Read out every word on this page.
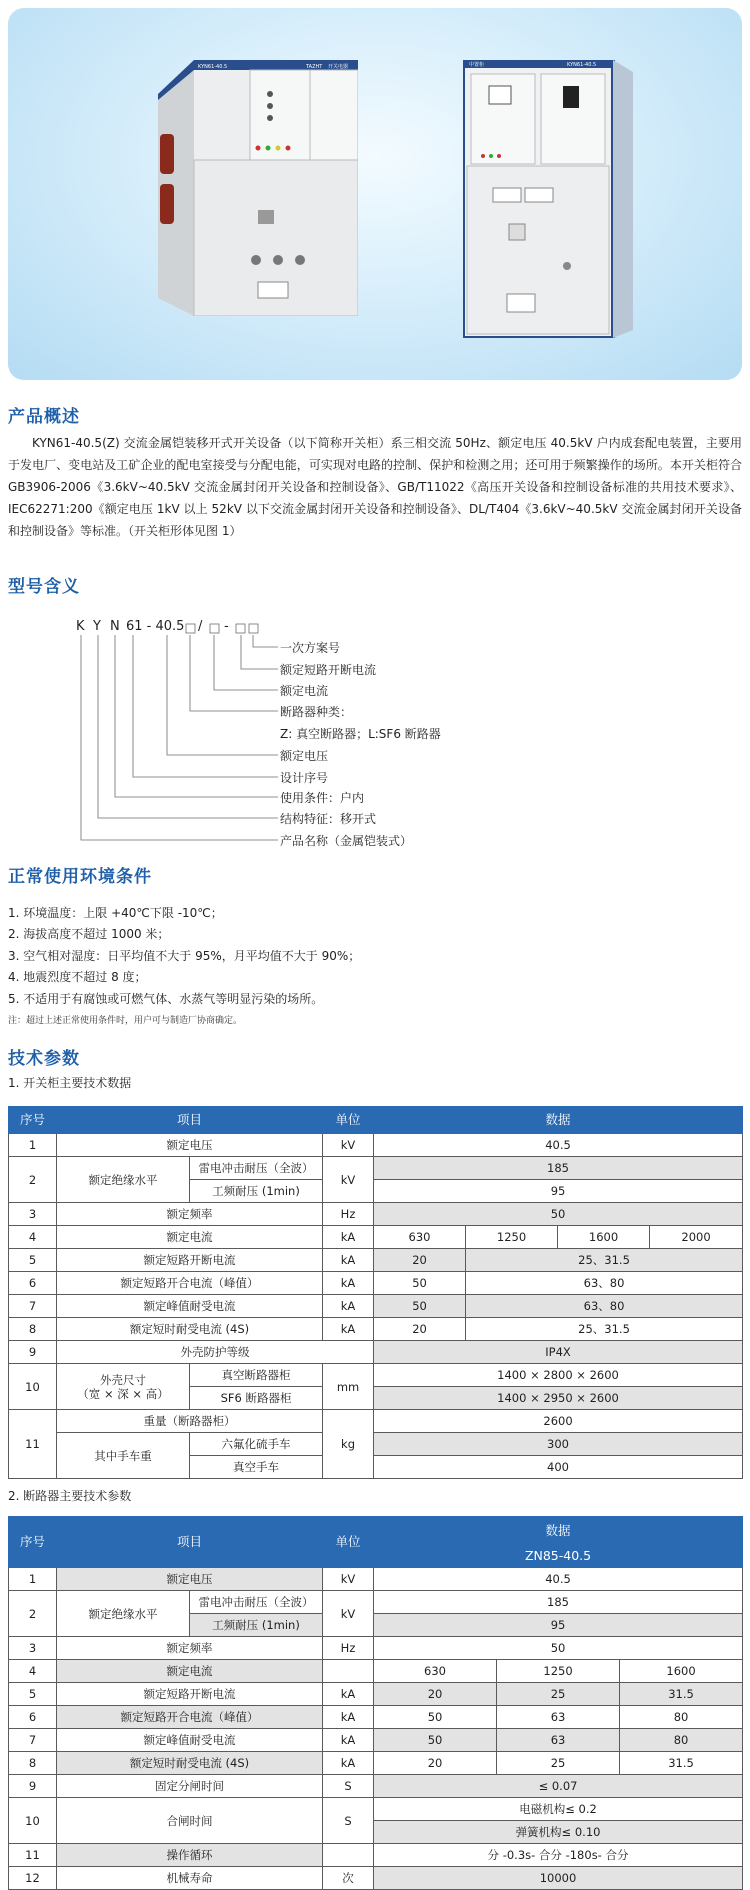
KYN61-40.5	TAZHT 开关电器	中置柜	KYN61-40.5
产品概述
KYN61-40.5(Z) 交流金属铠装移开式开关设备（以下简称开关柜）系三相交流 50Hz、额定电压 40.5kV 户内成套配电装置，主要用于发电厂、变电站及工矿企业的配电室接受与分配电能，可实现对电路的控制、保护和检测之用；还可用于频繁操作的场所。本开关柜符合 GB3906-2006《3.6kV~40.5kV 交流金属封闭开关设备和控制设备》、GB/T11022《高压开关设备和控制设备标准的共用技术要求》、IEC62271:200《额定电压 1kV 以上 52kV 以下交流金属封闭开关设备和控制设备》、DL/T404《3.6kV~40.5kV 交流金属封闭开关设备和控制设备》等标准。（开关柜形体见图 1）
型号含义
K Y N 61 - 40.5 / -
一次方案号
额定短路开断电流
额定电流
断路器种类：
Z: 真空断路器；L:SF6 断路器
额定电压
设计序号
使用条件：户内
结构特征：移开式
产品名称（金属铠装式）
正常使用环境条件
1. 环境温度：上限 +40℃下限 -10℃；
2. 海拔高度不超过 1000 米；
3. 空气相对湿度：日平均值不大于 95%，月平均值不大于 90%；
4. 地震烈度不超过 8 度；
5. 不适用于有腐蚀或可燃气体、水蒸气等明显污染的场所。
注：超过上述正常使用条件时，用户可与制造厂协商确定。
技术参数
1. 开关柜主要技术数据
序号	项目		单位	数据			
1	额定电压		kV	40.5			
2	额定绝缘水平	雷电冲击耐压（全波）	kV	185			
		工频耐压 (1min)		95			
3	额定频率		Hz	50			
4	额定电流		kA	630	1250	1600	2000
5	额定短路开断电流		kA	20	25、31.5		
6	额定短路开合电流（峰值）		kA	50	63、80		
7	额定峰值耐受电流		kA	50	63、80		
8	额定短时耐受电流 (4S)		kA	20	25、31.5		
9	外壳防护等级			IP4X			
10	外壳尺寸
（宽 × 深 × 高）	真空断路器柜	mm	1400 × 2800 × 2600			
		SF6 断路器柜		1400 × 2950 × 2600			
11	重量（断路器柜）		kg	2600			
	其中手车重	六氟化硫手车		300			
		真空手车		400			
2. 断路器主要技术参数
序号	项目		单位	数据		
				ZN85-40.5		
1	额定电压		kV	40.5		
2	额定绝缘水平	雷电冲击耐压（全波）	kV	185		
		工频耐压 (1min)		95		
3	额定频率		Hz	50		
4	额定电流			630	1250	1600
5	额定短路开断电流		kA	20	25	31.5
6	额定短路开合电流（峰值）		kA	50	63	80
7	额定峰值耐受电流		kA	50	63	80
8	额定短时耐受电流 (4S)		kA	20	25	31.5
9	固定分闸时间		S	≤ 0.07		
10	合闸时间		S	电磁机构≤ 0.2		
				弹簧机构≤ 0.10		
11	操作循环			分 -0.3s- 合分 -180s- 合分		
12	机械寿命		次	10000		
